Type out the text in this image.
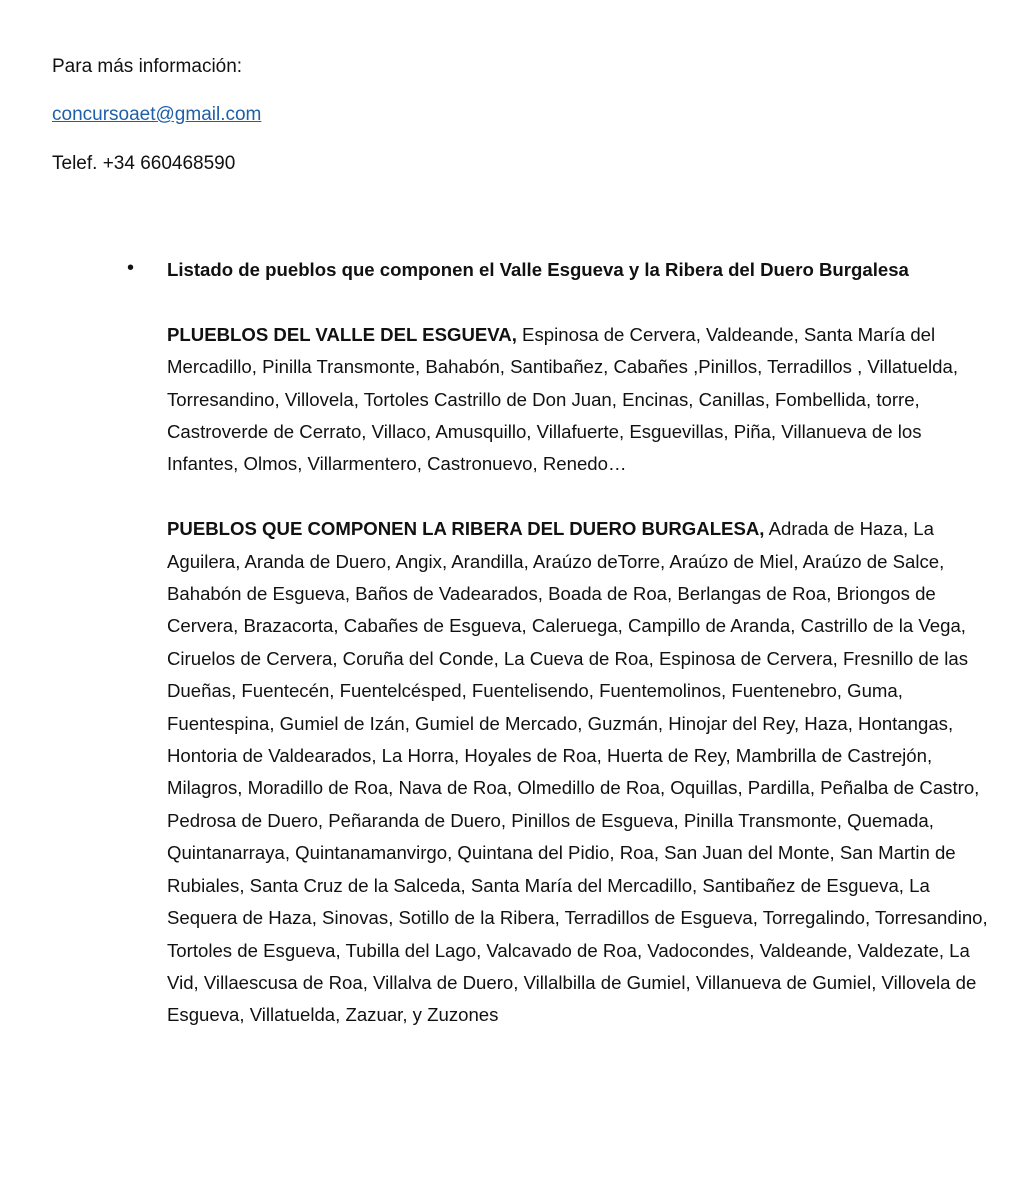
Para más información:
concursoaet@gmail.com
Telef. +34 660468590
• Listado de pueblos que componen el Valle Esgueva y la Ribera del Duero Burgalesa

PLUEBLOS DEL VALLE DEL ESGUEVA, Espinosa de Cervera, Valdeande, Santa María del Mercadillo, Pinilla Transmonte, Bahabón, Santibañez, Cabañes ,Pinillos, Terradillos , Villatuelda, Torresandino, Villovela, Tortoles Castrillo de Don Juan, Encinas, Canillas, Fombellida, torre, Castroverde de Cerrato, Villaco, Amusquillo, Villafuerte, Esguevillas, Piña, Villanueva de los Infantes, Olmos, Villarmentero, Castronuevo, Renedo…

PUEBLOS QUE COMPONEN LA RIBERA DEL DUERO BURGALESA, Adrada de Haza, La Aguilera, Aranda de Duero, Angix, Arandilla, Araúzo deTorre, Araúzo de Miel, Araúzo de Salce, Bahabón de Esgueva, Baños de Vadearados, Boada de Roa, Berlangas de Roa, Briongos de Cervera, Brazacorta, Cabañes de Esgueva, Caleruega, Campillo de Aranda, Castrillo de la Vega, Ciruelos de Cervera, Coruña del Conde, La Cueva de Roa, Espinosa de Cervera, Fresnillo de las Dueñas, Fuentecén, Fuentelcésped, Fuentelisendo, Fuentemolinos, Fuentenebro, Guma, Fuentespina, Gumiel de Izán, Gumiel de Mercado, Guzmán, Hinojar del Rey, Haza, Hontangas, Hontoria de Valdearados, La Horra, Hoyales de Roa, Huerta de Rey, Mambrilla de Castrejón, Milagros, Moradillo de Roa, Nava de Roa, Olmedillo de Roa, Oquillas, Pardilla, Peñalba de Castro, Pedrosa de Duero, Peñaranda de Duero, Pinillos de Esgueva, Pinilla Transmonte, Quemada, Quintanarraya, Quintanamanvirgo, Quintana del Pidio, Roa, San Juan del Monte, San Martin de Rubiales, Santa Cruz de la Salceda, Santa María del Mercadillo, Santibañez de Esgueva, La Sequera de Haza, Sinovas, Sotillo de la Ribera, Terradillos de Esgueva, Torregalindo, Torresandino, Tortoles de Esgueva, Tubilla del Lago, Valcavado de Roa, Vadocondes, Valdeande, Valdezate, La Vid, Villaescusa de Roa, Villalva de Duero, Villalbilla de Gumiel, Villanueva de Gumiel, Villovela de Esgueva, Villatuelda, Zazuar, y Zuzones
